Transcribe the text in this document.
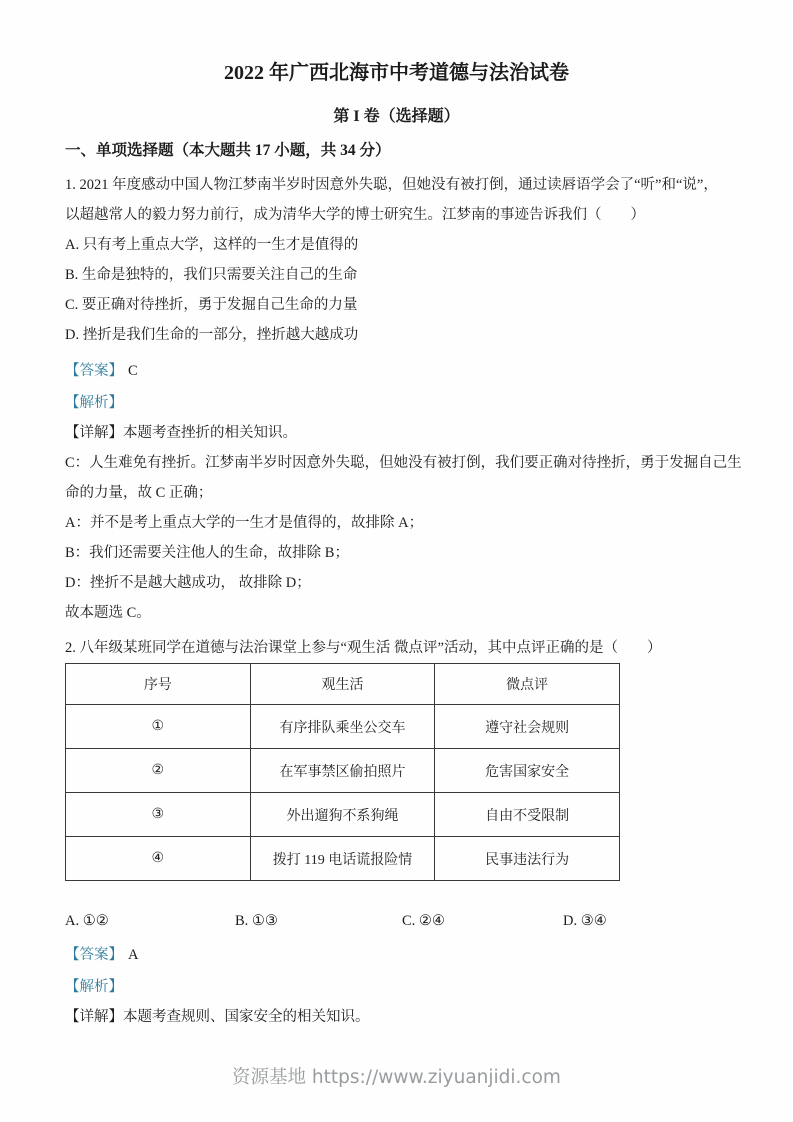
2022 年广西北海市中考道德与法治试卷
第 I 卷（选择题）
一、单项选择题（本大题共 17 小题，共 34 分）
1. 2021 年度感动中国人物江梦南半岁时因意外失聪，但她没有被打倒，通过读唇语学会了“听”和“说”，
以超越常人的毅力努力前行，成为清华大学的博士研究生。江梦南的事迹告诉我们（　　）
A. 只有考上重点大学，这样的一生才是值得的
B. 生命是独特的，我们只需要关注自己的生命
C. 要正确对待挫折，勇于发掘自己生命的力量
D. 挫折是我们生命的一部分，挫折越大越成功
【答案】 C
【解析】
【详解】本题考查挫折的相关知识。
C：人生难免有挫折。江梦南半岁时因意外失聪，但她没有被打倒，我们要正确对待挫折，勇于发掘自己生
命的力量，故 C 正确；
A：并不是考上重点大学的一生才是值得的，故排除 A；
B：我们还需要关注他人的生命，故排除 B；
D：挫折不是越大越成功， 故排除 D；
故本题选 C。
2. 八年级某班同学在道德与法治课堂上参与“观生活 微点评”活动，其中点评正确的是（　　）
序号	观生活	微点评
①	有序排队乘坐公交车	遵守社会规则
②	在军事禁区偷拍照片	危害国家安全
③	外出遛狗不系狗绳	自由不受限制
④	拨打 119 电话谎报险情	民事违法行为
A. ①②	B. ①③	C. ②④	D. ③④
【答案】 A
【解析】
【详解】本题考查规则、国家安全的相关知识。
资源基地 https://www.ziyuanjidi.com
